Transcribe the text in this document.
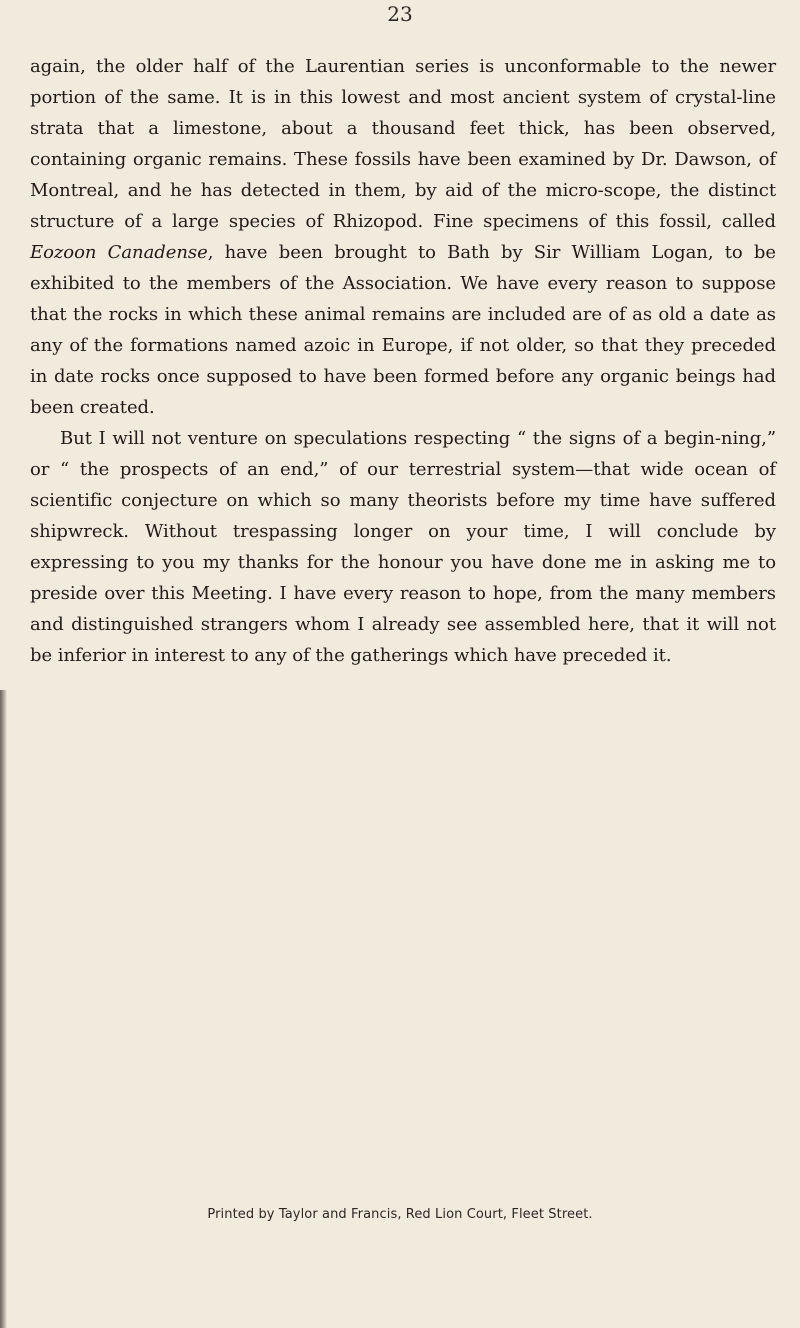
23

again, the older half of the Laurentian series is unconformable to the newer portion of the same. It is in this lowest and most ancient system of crystal-line strata that a limestone, about a thousand feet thick, has been observed, containing organic remains. These fossils have been examined by Dr. Dawson, of Montreal, and he has detected in them, by aid of the micro-scope, the distinct structure of a large species of Rhizopod. Fine specimens of this fossil, called Eozoon Canadense, have been brought to Bath by Sir William Logan, to be exhibited to the members of the Association. We have every reason to suppose that the rocks in which these animal remains are included are of as old a date as any of the formations named azoic in Europe, if not older, so that they preceded in date rocks once supposed to have been formed before any organic beings had been created.

But I will not venture on speculations respecting “ the signs of a begin-ning,” or “ the prospects of an end,” of our terrestrial system—that wide ocean of scientific conjecture on which so many theorists before my time have suffered shipwreck. Without trespassing longer on your time, I will conclude by expressing to you my thanks for the honour you have done me in asking me to preside over this Meeting. I have every reason to hope, from the many members and distinguished strangers whom I already see assembled here, that it will not be inferior in interest to any of the gatherings which have preceded it.

Printed by Taylor and Francis, Red Lion Court, Fleet Street.
